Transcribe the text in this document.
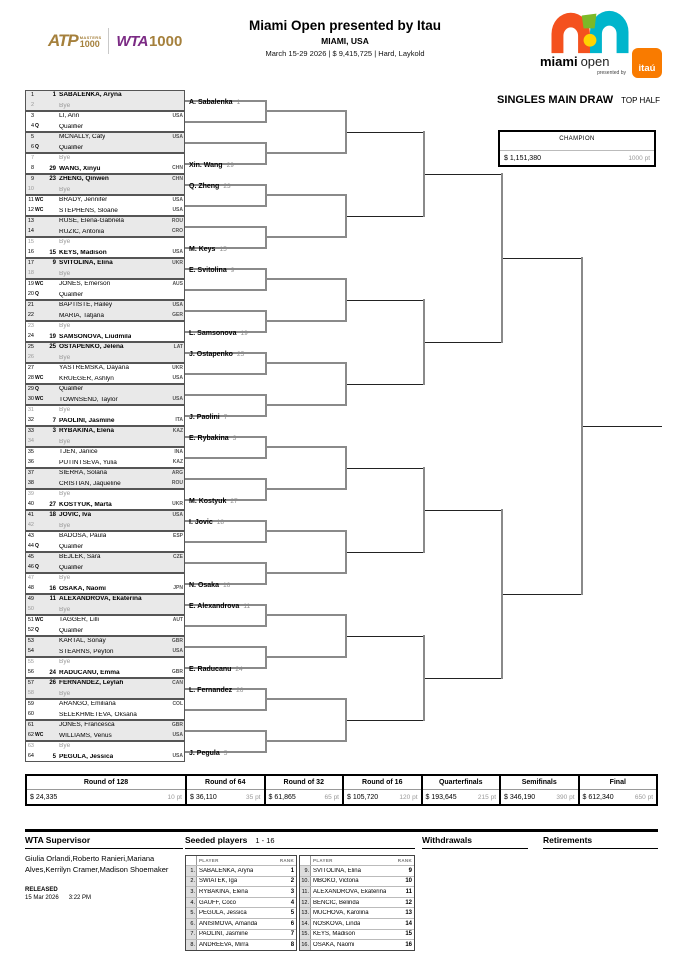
ATP MASTERS
1000 WTA 1000
Miami Open presented by Itau
MIAMI, USA
March 15-29 2026 | $ 9,415,725 | Hard, Laykold
miami open
presented by	itaú
SINGLES MAIN DRAW TOP HALF
CHAMPION
$ 1,151,380	1000 pt
1	1 SABALENKA, Aryna
2	Bye
3	LI, Ann	USA
4 Q	Qualifier
5	MCNALLY, Caty	USA
6 Q	Qualifier
7	Bye
8	29 WANG, Xinyu	CHN
9	23 ZHENG, Qinwen	CHN
10	Bye
11 WC	BRADY, Jennifer	USA
12 WC	STEPHENS, Sloane	USA
13	RUSE, Elena-Gabriela	ROU
14	RUZIC, Antonia	CRO
15	Bye
16	15 KEYS, Madison	USA
17	9 SVITOLINA, Elina	UKR
18	Bye
19 WC	JONES, Emerson	AUS
20 Q	Qualifier
21	BAPTISTE, Hailey	USA
22	MARIA, Tatjana	GER
23	Bye
24	19 SAMSONOVA, Liudmila
25	25 OSTAPENKO, Jelena	LAT
26	Bye
27	YASTREMSKA, Dayana	UKR
28 WC	KRUEGER, Ashlyn	USA
29 Q	Qualifier
30 WC	TOWNSEND, Taylor	USA
31	Bye
32	7 PAOLINI, Jasmine	ITA
33	3 RYBAKINA, Elena	KAZ
34	Bye
35	TJEN, Janice	INA
36	PUTINTSEVA, Yulia	KAZ
37	SIERRA, Solana	ARG
38	CRISTIAN, Jaqueline	ROU
39	Bye
40	27 KOSTYUK, Marta	UKR
41	18 JOVIC, Iva	USA
42	Bye
43	BADOSA, Paula	ESP
44 Q	Qualifier
45	BEJLEK, Sara	CZE
46 Q	Qualifier
47	Bye
48	16 OSAKA, Naomi	JPN
49	11 ALEXANDROVA, Ekaterina
50	Bye
51 WC	TAGGER, Lilli	AUT
52 Q	Qualifier
53	KARTAL, Sonay	GBR
54	STEARNS, Peyton	USA
55	Bye
56	24 RADUCANU, Emma	GBR
57	26 FERNANDEZ, Leylah	CAN
58	Bye
59	ARANGO, Emiliana	COL
60	SELEKHMETEVA, Oksana
61	JONES, Francesca	GBR
62 WC	WILLIAMS, Venus	USA
63	Bye
64	5 PEGULA, Jessica	USA
A. Sabalenka 1
Xin. Wang 29
Q. Zheng 23
M. Keys 15
E. Svitolina 9
L. Samsonova 19
J. Ostapenko 25
J. Paolini 7
E. Rybakina 3
M. Kostyuk 27
I. Jovic 18
N. Osaka 16
E. Alexandrova 11
E. Raducanu 24
L. Fernandez 26
J. Pegula 5
Round of 128
$ 24,335	10 pt
Round of 64
$ 36,110	35 pt
Round of 32
$ 61,865	65 pt
Round of 16
$ 105,720	120 pt
Quarterfinals
$ 193,645	215 pt
Semifinals
$ 346,190	390 pt
Final
$ 612,340	650 pt
WTA Supervisor
Giulia Orlandi,Roberto Ranieri,Mariana Alves,Kerrilyn Cramer,Madison Shoemaker
RELEASED
15 Mar 2026 3:22 PM
Seeded players 1 - 16
PLAYER	RANK
1. SABALENKA, Aryna	1
2. SWIATEK, Iga	2
3. RYBAKINA, Elena	3
4. GAUFF, Coco	4
5. PEGULA, Jessica	5
6. ANISIMOVA, Amanda	6
7. PAOLINI, Jasmine	7
8. ANDREEVA, Mirra	8
PLAYER	RANK
9. SVITOLINA, Elina	9
10. MBOKO, Victoria	10
11. ALEXANDROVA, Ekaterina	11
12. BENCIC, Belinda	12
13. MUCHOVA, Karolina	13
14. NOSKOVA, Linda	14
15. KEYS, Madison	15
16. OSAKA, Naomi	16
Withdrawals	Retirements
